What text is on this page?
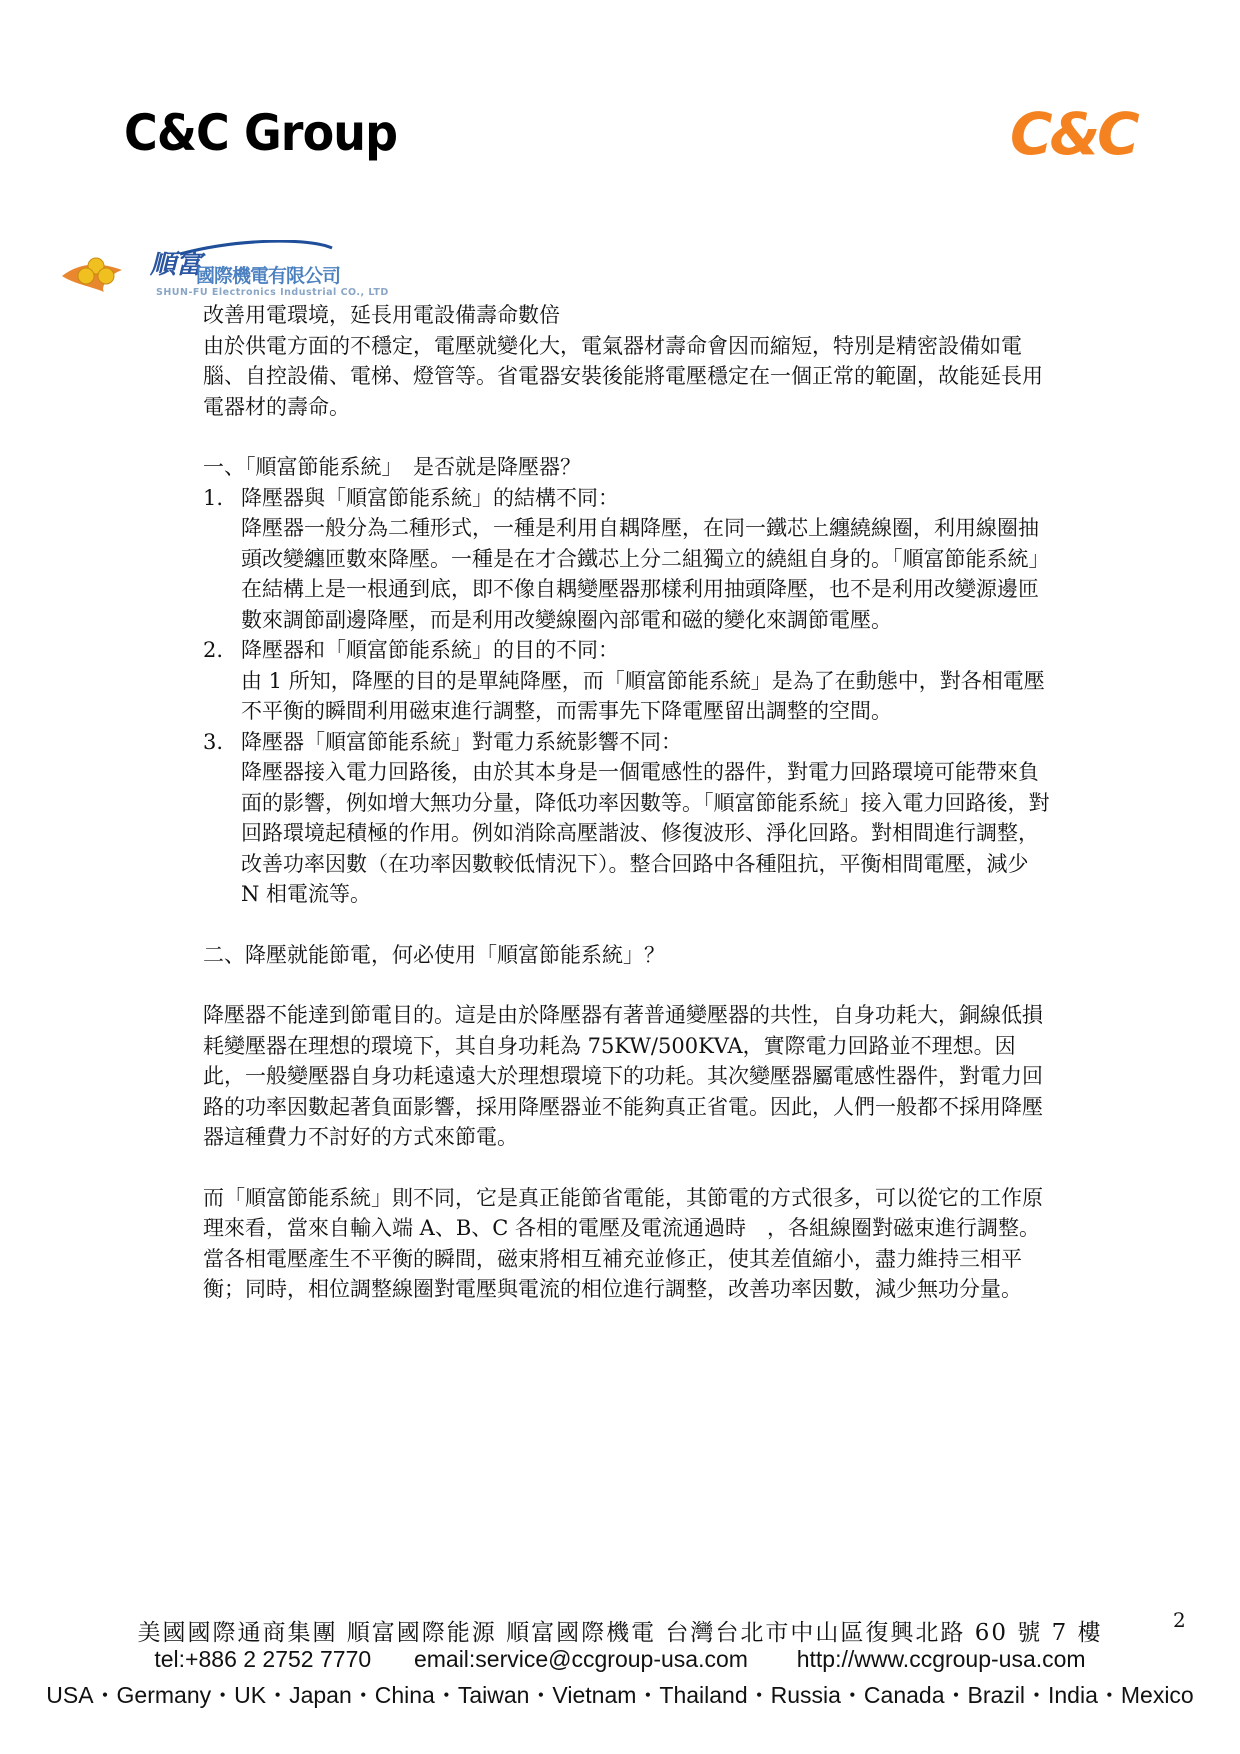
C&C Group	C&C
順富
國際機電有限公司
SHUN-FU Electronics Industrial CO., LTD

改善用電環境，延長用電設備壽命數倍

由於供電方面的不穩定，電壓就變化大，電氣器材壽命會因而縮短，特別是精密設備如電腦、自控設備、電梯、燈管等。省電器安裝後能將電壓穩定在一個正常的範圍，故能延長用電器材的壽命。

一、「順富節能系統」　是否就是降壓器？

1. 降壓器與「順富節能系統」的結構不同：

降壓器一般分為二種形式，一種是利用自耦降壓，在同一鐵芯上纏繞線圈，利用線圈抽頭改變纏匝數來降壓。一種是在才合鐵芯上分二組獨立的繞組自身的。「順富節能系統」在結構上是一根通到底，即不像自耦變壓器那樣利用抽頭降壓，也不是利用改變源邊匝數來調節副邊降壓，而是利用改變線圈內部電和磁的變化來調節電壓。

2. 降壓器和「順富節能系統」的目的不同：

由 1 所知，降壓的目的是單純降壓，而「順富節能系統」是為了在動態中，對各相電壓不平衡的瞬間利用磁束進行調整，而需事先下降電壓留出調整的空間。

3. 降壓器「順富節能系統」對電力系統影響不同：

降壓器接入電力回路後，由於其本身是一個電感性的器件，對電力回路環境可能帶來負面的影響，例如增大無功分量，降低功率因數等。「順富節能系統」接入電力回路後，對回路環境起積極的作用。例如消除高壓諧波、修復波形、淨化回路。對相間進行調整，改善功率因數（在功率因數較低情況下）。整合回路中各種阻抗，平衡相間電壓，減少 N 相電流等。

二、降壓就能節電，何必使用「順富節能系統」？

降壓器不能達到節電目的。這是由於降壓器有著普通變壓器的共性，自身功耗大，銅線低損耗變壓器在理想的環境下，其自身功耗為 75KW/500KVA，實際電力回路並不理想。因此，一般變壓器自身功耗遠遠大於理想環境下的功耗。其次變壓器屬電感性器件，對電力回路的功率因數起著負面影響，採用降壓器並不能夠真正省電。因此，人們一般都不採用降壓器這種費力不討好的方式來節電。

而「順富節能系統」則不同，它是真正能節省電能，其節電的方式很多，可以從它的工作原理來看，當來自輸入端 A、B、C 各相的電壓及電流通過時　，各組線圈對磁束進行調整。當各相電壓產生不平衡的瞬間，磁束將相互補充並修正，使其差值縮小，盡力維持三相平衡；同時，相位調整線圈對電壓與電流的相位進行調整，改善功率因數，減少無功分量。

2
美國國際通商集團 順富國際能源 順富國際機電 台灣台北市中山區復興北路 60 號 7 樓
tel:+886 2 2752 7770 email:service@ccgroup-usa.com http://www.ccgroup-usa.com
USA・Germany・UK・Japan・China・Taiwan・Vietnam・Thailand・Russia・Canada・Brazil・India・Mexico
